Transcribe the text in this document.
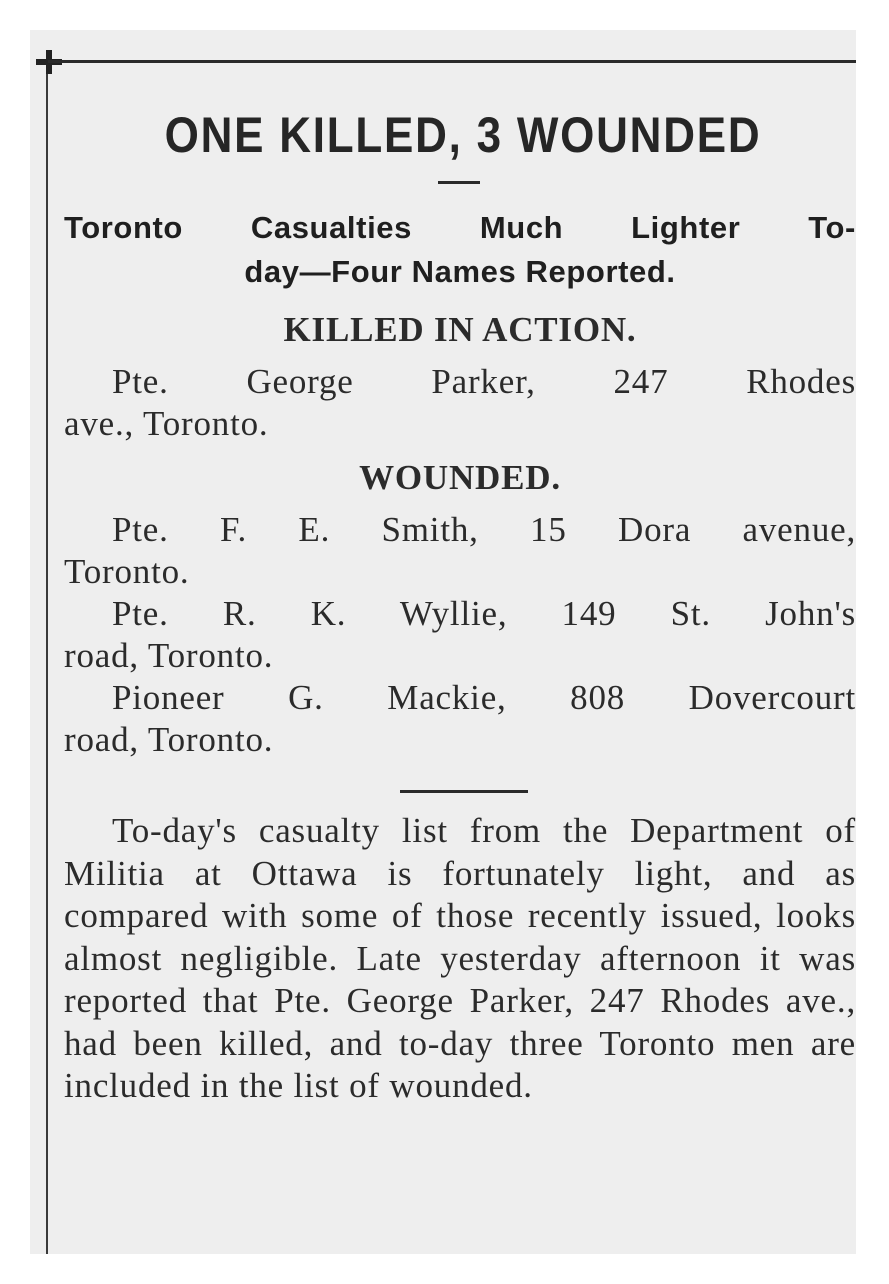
ONE KILLED, 3 WOUNDED
Toronto Casualties Much Lighter To-
day—Four Names Reported.
KILLED IN ACTION.

Pte. George Parker, 247 Rhodes
ave., Toronto.

WOUNDED.

Pte. F. E. Smith, 15 Dora avenue,
Toronto.

Pte. R. K. Wyllie, 149 St. John's
road, Toronto.

Pioneer G. Mackie, 808 Dovercourt
road, Toronto.

To-day's casualty list from the Department of Militia at Ottawa is fortunately light, and as compared with some of those recently issued, looks almost negligible. Late yesterday afternoon it was reported that Pte. George Parker, 247 Rhodes ave., had been killed, and to-day three Toronto men are included in the list of wounded.
